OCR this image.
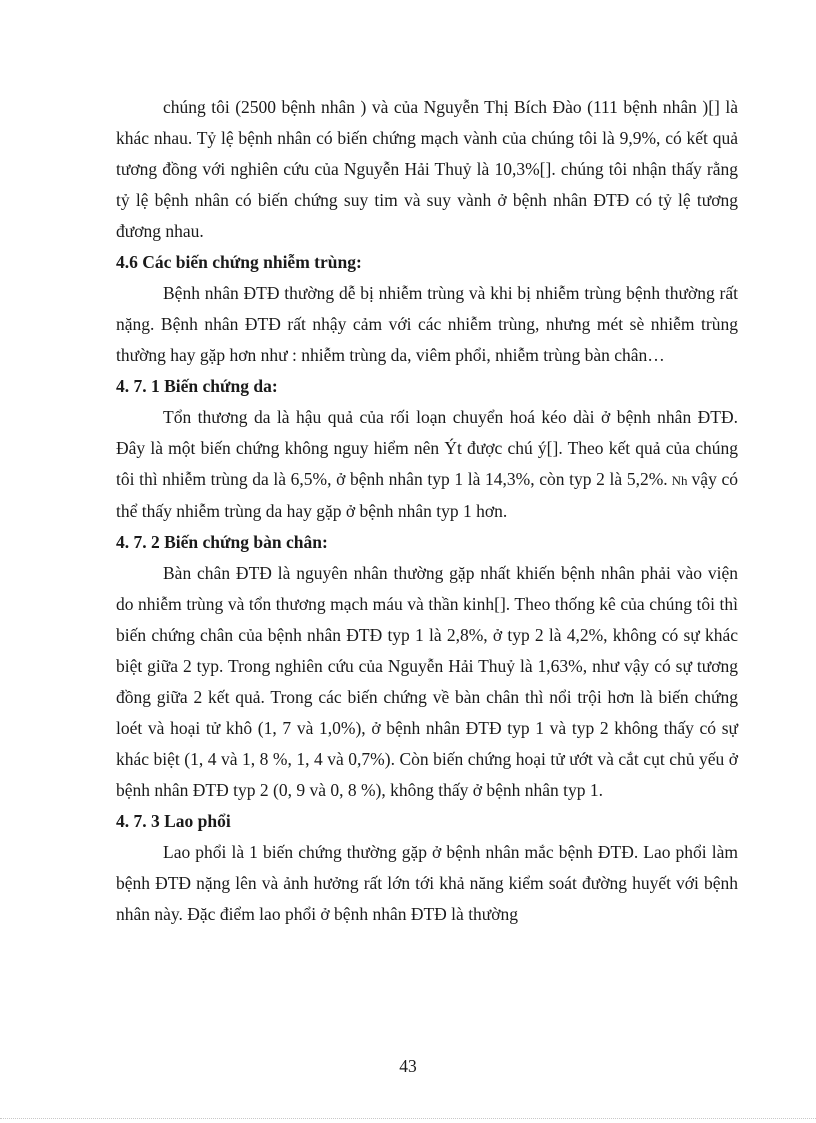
chúng tôi (2500 bệnh nhân ) và của Nguyễn Thị Bích Đào (111 bệnh nhân )[] là khác nhau. Tỷ lệ bệnh nhân có biến chứng mạch vành của chúng tôi là 9,9%, có kết quả tương đồng với nghiên cứu của Nguyễn Hải Thuỷ là 10,3%[]. chúng tôi nhận thấy rằng tỷ lệ bệnh nhân có biến chứng suy tim và suy vành ở bệnh nhân ĐTĐ có tỷ lệ tương đương nhau.

4.6 Các biến chứng nhiễm trùng:

Bệnh nhân ĐTĐ thường dễ bị nhiễm trùng và khi bị nhiễm trùng bệnh thường rất nặng. Bệnh nhân ĐTĐ rất nhậy cảm với các nhiễm trùng, nhưng mét sè nhiễm trùng thường hay gặp hơn như : nhiễm trùng da, viêm phổi, nhiễm trùng bàn chân…

4. 7. 1 Biến chứng da:

Tổn thương da là hậu quả của rối loạn chuyển hoá kéo dài ở bệnh nhân ĐTĐ. Đây là một biến chứng không nguy hiểm nên Ýt được chú ý[]. Theo kết quả của chúng tôi thì nhiễm trùng da là 6,5%, ở bệnh nhân typ 1 là 14,3%, còn typ 2 là 5,2%. Nh vậy có thể thấy nhiễm trùng da hay gặp ở bệnh nhân typ 1 hơn.

4. 7. 2 Biến chứng bàn chân:

Bàn chân ĐTĐ là nguyên nhân thường gặp nhất khiến bệnh nhân phải vào viện do nhiễm trùng và tổn thương mạch máu và thần kinh[]. Theo thống kê của chúng tôi thì biến chứng chân của bệnh nhân ĐTĐ typ 1 là 2,8%, ở typ 2 là 4,2%, không có sự khác biệt giữa 2 typ. Trong nghiên cứu của Nguyễn Hải Thuỷ là 1,63%, như vậy có sự tương đồng giữa 2 kết quả. Trong các biến chứng về bàn chân thì nổi trội hơn là biến chứng loét và hoại tử khô (1, 7 và 1,0%), ở bệnh nhân ĐTĐ typ 1 và typ 2 không thấy có sự khác biệt (1, 4 và 1, 8 %, 1, 4 và 0,7%). Còn biến chứng hoại tử ướt và cắt cụt chủ yếu ở bệnh nhân ĐTĐ typ 2 (0, 9 và 0, 8 %), không thấy ở bệnh nhân typ 1.

4. 7. 3 Lao phổi

Lao phổi là 1 biến chứng thường gặp ở bệnh nhân mắc bệnh ĐTĐ. Lao phổi làm bệnh ĐTĐ nặng lên và ảnh hưởng rất lớn tới khả năng kiểm soát đường huyết với bệnh nhân này. Đặc điểm lao phổi ở bệnh nhân ĐTĐ là thường

43
